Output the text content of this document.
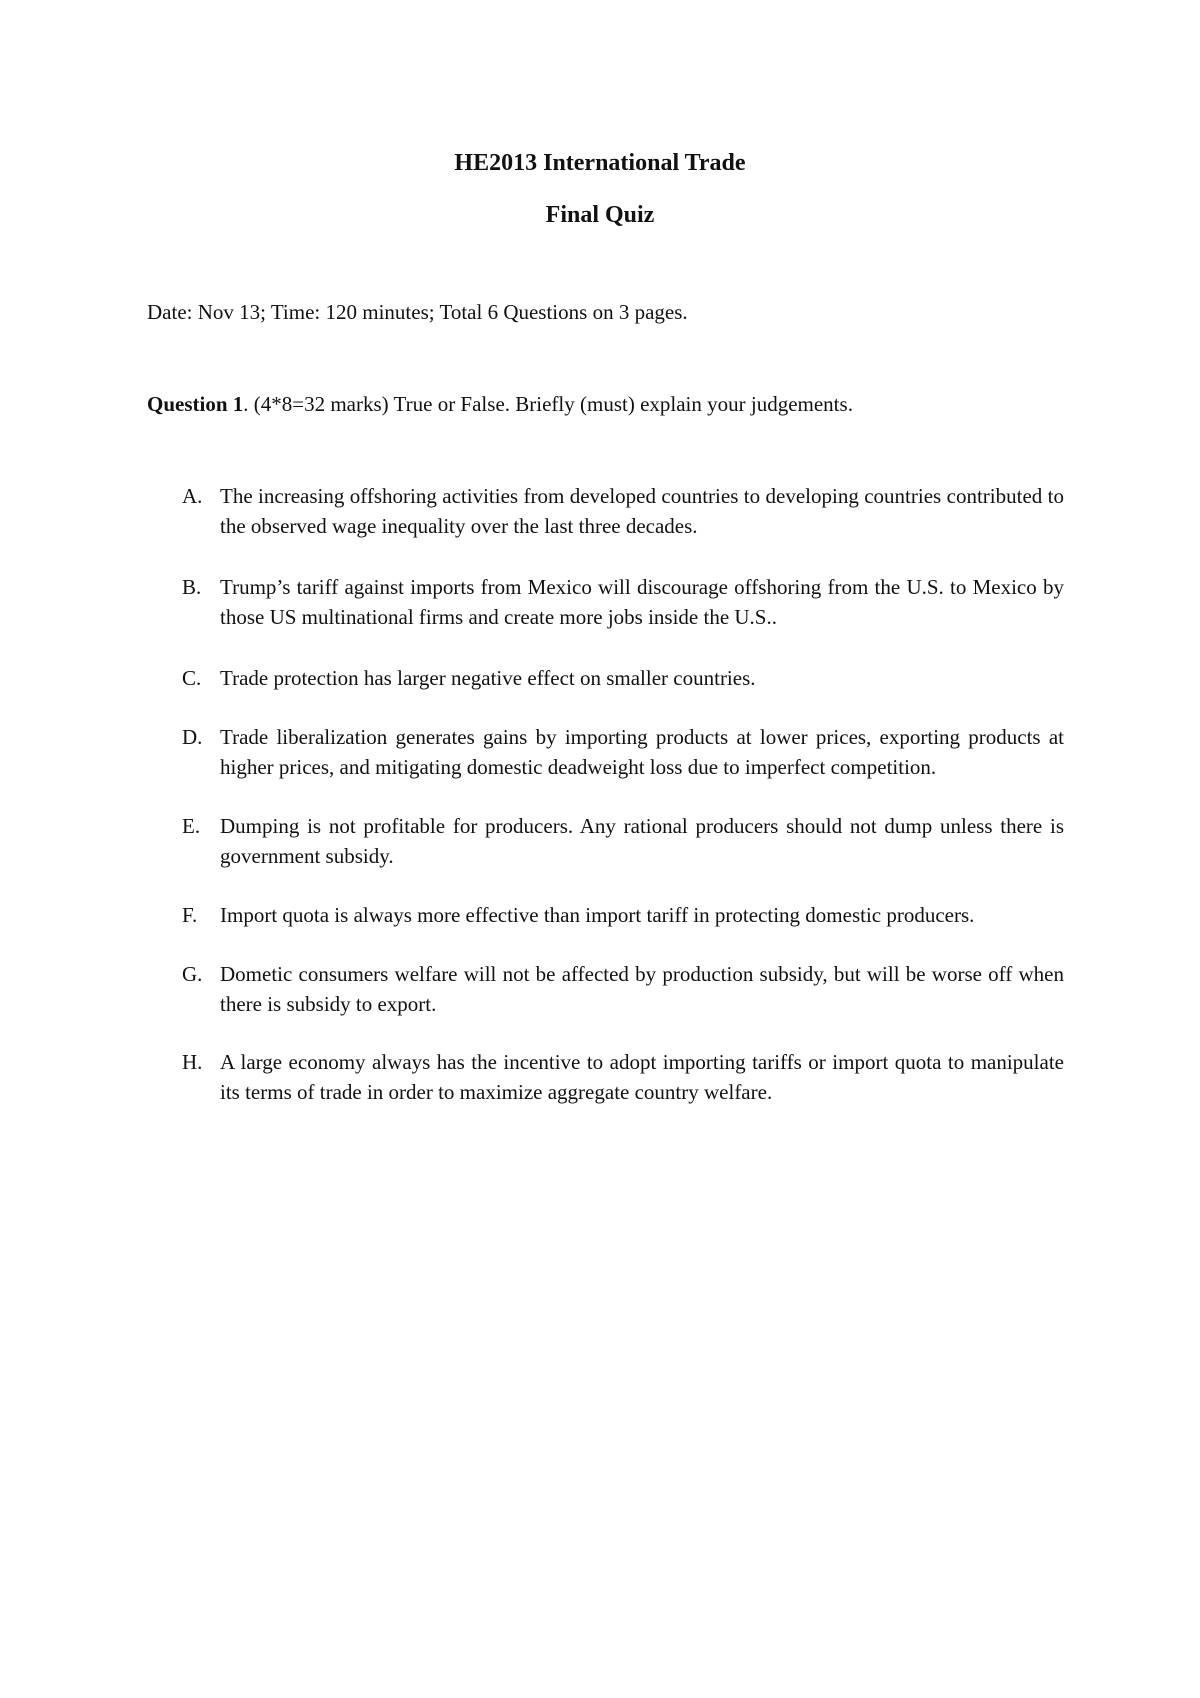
HE2013 International Trade
Final Quiz

Date: Nov 13; Time: 120 minutes; Total 6 Questions on 3 pages.

Question 1. (4*8=32 marks) True or False. Briefly (must) explain your judgements.

A. The increasing offshoring activities from developed countries to developing countries contributed to the observed wage inequality over the last three decades.
B. Trump’s tariff against imports from Mexico will discourage offshoring from the U.S. to Mexico by those US multinational firms and create more jobs inside the U.S..
C. Trade protection has larger negative effect on smaller countries.
D. Trade liberalization generates gains by importing products at lower prices, exporting products at higher prices, and mitigating domestic deadweight loss due to imperfect competition.
E. Dumping is not profitable for producers. Any rational producers should not dump unless there is government subsidy.
F.	Import quota is always more effective than import tariff in protecting domestic producers.
G. Dometic consumers welfare will not be affected by production subsidy, but will be worse off when there is subsidy to export.
H. A large economy always has the incentive to adopt importing tariffs or import quota to manipulate its terms of trade in order to maximize aggregate country welfare.
